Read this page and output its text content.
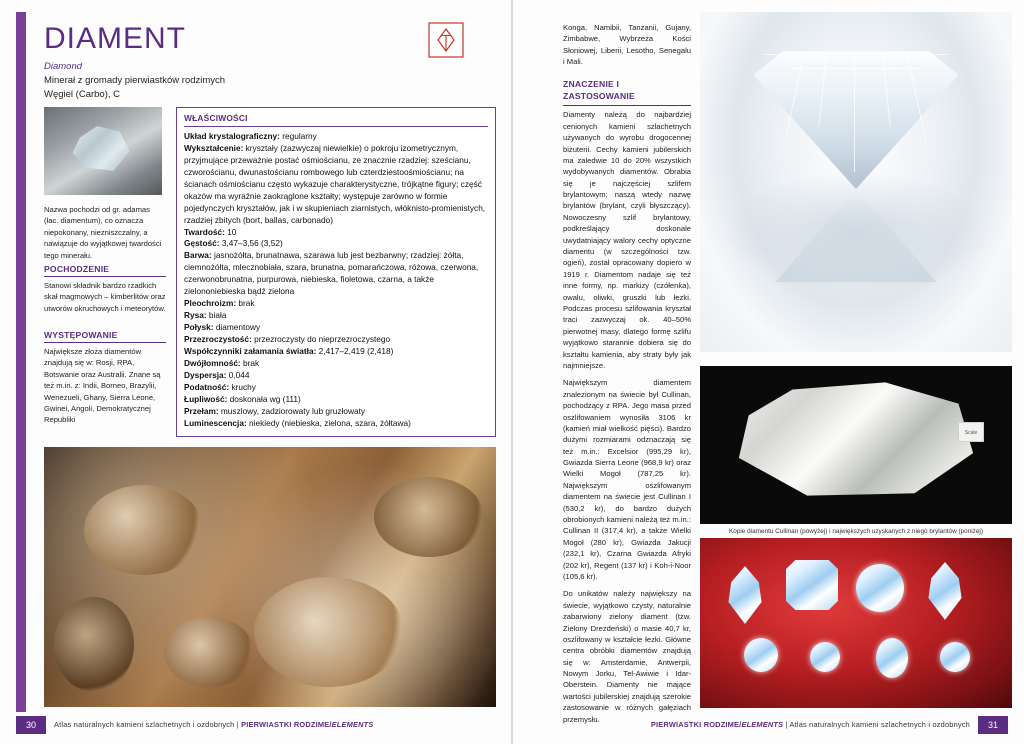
DIAMENT
Diamond
Minerał z gromady pierwiastków rodzimych
Węgiel (Carbo), C
Nazwa pochodzi od gr. adamas (łac. diamentum), co oznacza niepokonany, niezniszczalny, a nawiązuje do wyjątkowej twardości tego minerału.
POCHODZENIE

Stanowi składnik bardzo rzadkich skał magmowych – kimberlitów oraz utworów okruchowych i meteorytów.

WYSTĘPOWANIE

Największe złoża diamentów znajdują się w: Rosji, RPA, Botswanie oraz Australii. Znane są też m.in. z: Indii, Borneo, Brazylii, Wenezueli, Ghany, Sierra Leone, Gwinei, Angoli, Demokratycznej Republiki

WŁAŚCIWOŚCI
Układ krystalograficzny: regularny
Wykształcenie: kryształy (zazwyczaj niewielkie) o pokroju izometrycznym, przyjmujące przeważnie postać ośmiościanu, ze znacznie rzadziej: sześcianu, czworościanu, dwunastościanu rombowego lub czterdziestoośmiościanu; na ścianach ośmiościanu często wykazuje charakterystyczne, trójkątne figury; część okazów ma wyraźnie zaokrąglone kształty; występuje zarówno w formie pojedynczych kryształów, jak i w skupieniach ziarnistych, włóknisto-promienistych, rzadziej zbitych (bort, ballas, carbonado)
Twardość: 10
Gęstość: 3,47–3,56 (3,52)
Barwa: jasnożółta, brunatnawa, szarawa lub jest bezbarwny; rzadziej: żółta, ciemnożółta, mlecznobiała, szara, brunatna, pomarańczowa, różowa, czerwona, czerwonobrunatna, purpurowa, niebieska, fioletowa, czarna, a także zielononiebieska bądź zielona
Pleochroizm: brak
Rysa: biała
Połysk: diamentowy
Przezroczystość: przezroczysty do nieprzezroczystego
Współczynniki załamania światła: 2,417–2,419 (2,418)
Dwójłomność: brak
Dyspersja: 0,044
Podatność: kruchy
Łupliwość: doskonała wg (111)
Przełam: muszlowy, zadziorowaty lub gruzłowaty
Luminescencja: niekiedy (niebieska, zielona, szara, żółtawa)
Konga, Namibii, Tanzanii, Gujany, Zimbabwe, Wybrzeża Kości Słoniowej, Liberii, Lesotho, Senegalu i Mali.
ZNACZENIE I ZASTOSOWANIE
Diamenty należą do najbardziej cenionych kamieni szlachetnych używanych do wyrobu drogocennej biżuterii. Cechy kamieni jubilerskich ma zaledwie 10 do 20% wszystkich wydobywanych diamentów. Obrabia się je najczęściej szlifem brylantowym; naszą wtedy nazwę brylantów (brylant, czyli błyszczący). Nowoczesny szlif brylantowy, podkreślający doskonale uwydatniający walory cechy optyczne diamentu (w szczególności tzw. ogień), został opracowany dopiero w 1919 r. Diamentom nadaje się też inne formy, np. markizy (czółenka), owalu, oliwki, gruszki lub łezki. Podczas procesu szlifowania kryształ traci zazwyczaj ok. 40–50% pierwotnej masy, dlatego formę szlifu wyjątkowo starannie dobiera się do kształtu kamienia, aby straty były jak najmniejsze.
Największym diamentem znalezionym na świecie był Cullinan, pochodzący z RPA. Jego masa przed oszlifowaniem wynosiła 3106 kr (kamień miał wielkość pięści). Bardzo dużymi rozmiarami odznaczają się też m.in.: Excelsior (995,29 kr), Gwiazda Sierra Leone (968,9 kr) oraz Wielki Mogoł (787,25 kr). Największym oszlifowanym diamentem na świecie jest Cullinan I (530,2 kr), do bardzo dużych obrobionych kamieni należą też m.in.: Cullinan II (317,4 kr), a także Wielki Mogoł (280 kr), Gwiazda Jakucji (232,1 kr), Czarna Gwiazda Afryki (202 kr), Regent (137 kr) i Koh-i-Noor (105,6 kr).
Do unikatów należy największy na świecie, wyjątkowo czysty, naturalnie zabarwiony zielony diament (tzw. Zielony Drezdeński) o masie 40,7 kr, oszlifowany w kształcie łezki. Główne centra obróbki diamentów znajdują się w: Amsterdamie, Antwerpii, Nowym Jorku, Tel-Awiwie i Idar-Oberstein. Diamenty nie mające wartości jubilerskiej znajdują szerokie zastosowanie w różnych gałęziach przemysłu.
Scale
Kopie diamentu Cullinan (powyżej) i największych uzyskanych z niego brylantów (poniżej)
30	Atlas naturalnych kamieni szlachetnych i ozdobnych | PIERWIASTKI RODZIME/ELEMENTS	31
PIERWIASTKI RODZIME/ELEMENTS | Atlas naturalnych kamieni szlachetnych i ozdobnych
